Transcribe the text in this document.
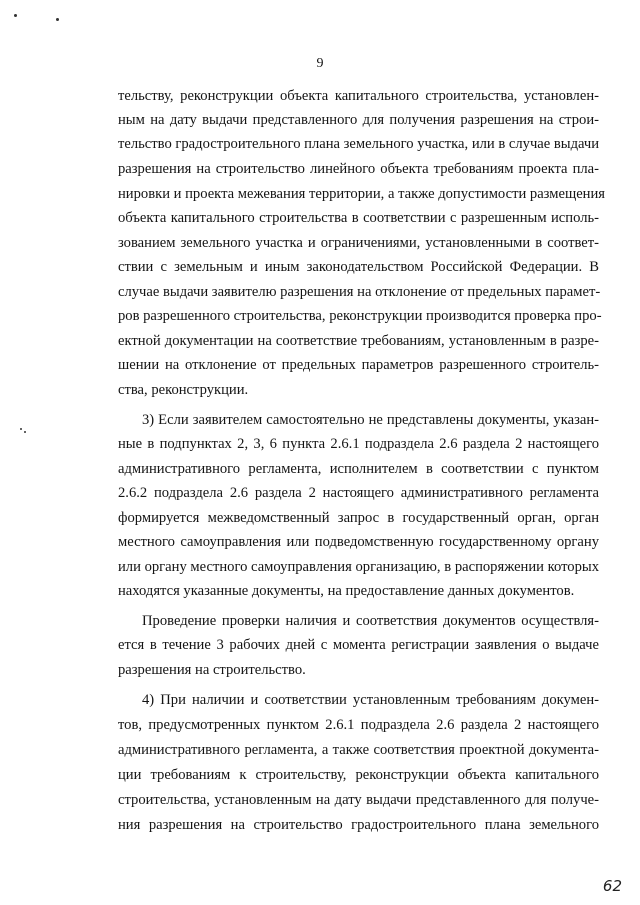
9
тельству, реконструкции объекта капитального строительства, установлен-
ным на дату выдачи представленного для получения разрешения на строи-
тельство градостроительного плана земельного участка, или в случае выдачи
разрешения на строительство линейного объекта требованиям проекта пла-
нировки и проекта межевания территории, а также допустимости размещения
объекта капитального строительства в соответствии с разрешенным исполь-
зованием земельного участка и ограничениями, установленными в соответ-
ствии с земельным и иным законодательством Российской Федерации. В
случае выдачи заявителю разрешения на отклонение от предельных парамет-
ров разрешенного строительства, реконструкции производится проверка про-
ектной документации на соответствие требованиям, установленным в разре-
шении на отклонение от предельных параметров разрешенного строитель-
ства, реконструкции.
3) Если заявителем самостоятельно не представлены документы, указан-
ные в подпунктах 2, 3, 6 пункта 2.6.1 подраздела 2.6 раздела 2 настоящего
административного регламента, исполнителем в соответствии с пунктом
2.6.2 подраздела 2.6 раздела 2 настоящего административного регламента
формируется межведомственный запрос в государственный орган, орган
местного самоуправления или подведомственную государственному органу
или органу местного самоуправления организацию, в распоряжении которых
находятся указанные документы, на предоставление данных документов.
Проведение проверки наличия и соответствия документов осуществля-
ется в течение 3 рабочих дней с момента регистрации заявления о выдаче
разрешения на строительство.
4) При наличии и соответствии установленным требованиям докумен-
тов, предусмотренных пунктом 2.6.1 подраздела 2.6 раздела 2 настоящего
административного регламента, а также соответствия проектной документа-
ции требованиям к строительству, реконструкции объекта капитального
строительства, установленным на дату выдачи представленного для получе-
ния разрешения на строительство градостроительного плана земельного
62
